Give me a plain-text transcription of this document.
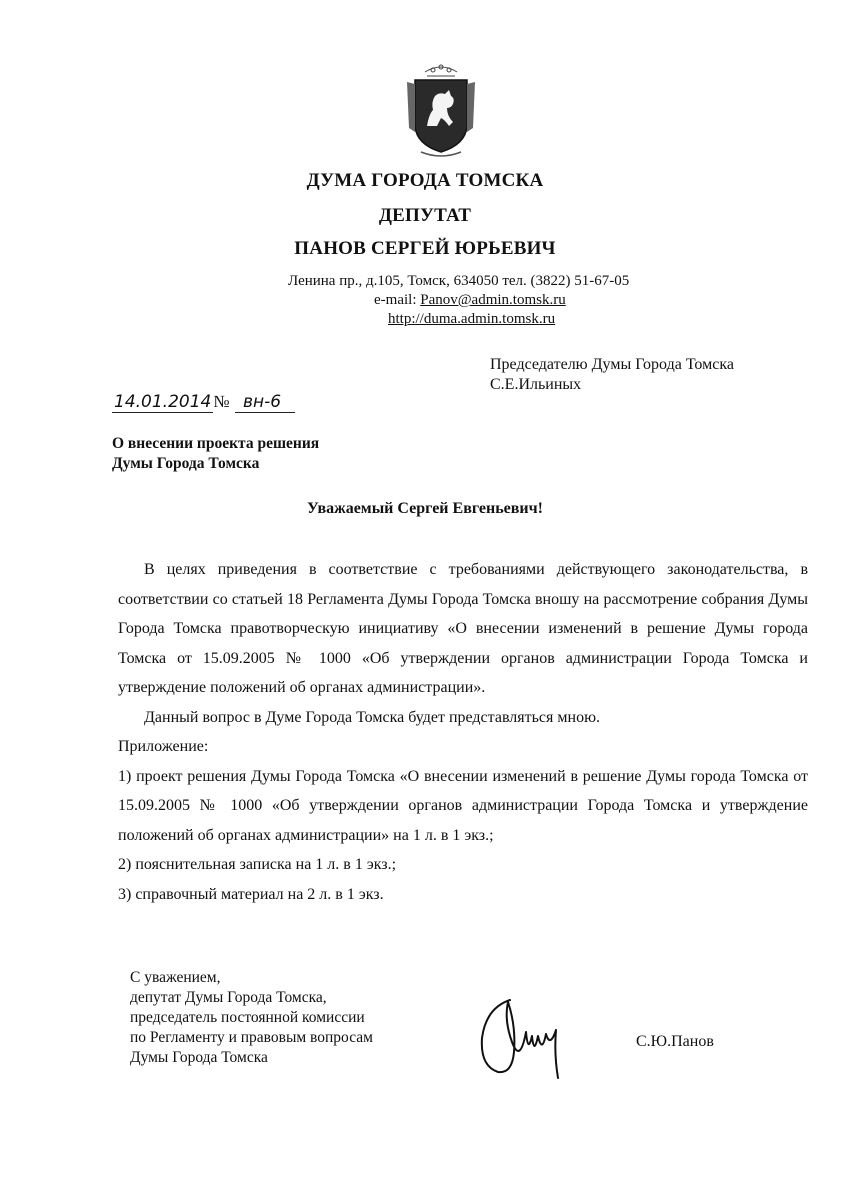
ДУМА ГОРОДА ТОМСКА
ДЕПУТАТ
ПАНОВ СЕРГЕЙ ЮРЬЕВИЧ
Ленина пр., д.105, Томск, 634050 тел. (3822) 51-67-05
e-mail: Panov@admin.tomsk.ru
http://duma.admin.tomsk.ru
Председателю Думы Города Томска
С.Е.Ильиных
14.01.2014 № вн-6
О внесении проекта решения
Думы Города Томска
Уважаемый Сергей Евгеньевич!

В целях приведения в соответствие с требованиями действующего законодательства, в соответствии со статьей 18 Регламента Думы Города Томска вношу на рассмотрение собрания Думы Города Томска правотворческую инициативу «О внесении изменений в решение Думы города Томска от 15.09.2005 № 1000 «Об утверждении органов администрации Города Томска и утверждение положений об органах администрации».

Данный вопрос в Думе Города Томска будет представляться мною.

Приложение:

1) проект решения Думы Города Томска «О внесении изменений в решение Думы города Томска от 15.09.2005 № 1000 «Об утверждении органов администрации Города Томска и утверждение положений об органах администрации» на 1 л. в 1 экз.;

2) пояснительная записка на 1 л. в 1 экз.;

3) справочный материал на 2 л. в 1 экз.

С уважением,
депутат Думы Города Томска,
председатель постоянной комиссии
по Регламенту и правовым вопросам
Думы Города Томска
С.Ю.Панов
